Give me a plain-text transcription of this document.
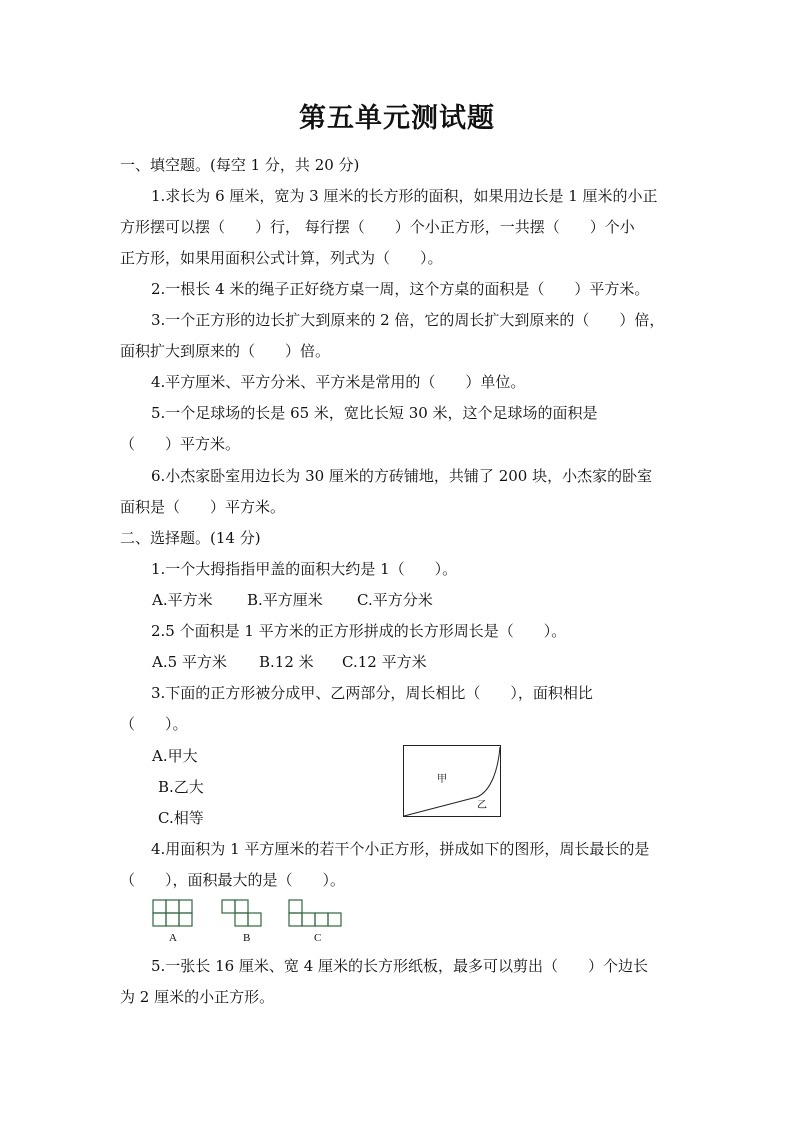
第五单元测试题
一、填空题。(每空 1 分，共 20 分)
1.求长为 6 厘米，宽为 3 厘米的长方形的面积，如果用边长是 1 厘米的小正
方形摆可以摆（　　）行， 每行摆（　　）个小正方形，一共摆（　　）个小
正方形，如果用面积公式计算，列式为（　　）。
2.一根长 4 米的绳子正好绕方桌一周，这个方桌的面积是（　　）平方米。
3.一个正方形的边长扩大到原来的 2 倍，它的周长扩大到原来的（　　）倍，
面积扩大到原来的（　　）倍。
4.平方厘米、平方分米、平方米是常用的（　　）单位。
5.一个足球场的长是 65 米，宽比长短 30 米，这个足球场的面积是
（　　）平方米。
6.小杰家卧室用边长为 30 厘米的方砖铺地，共铺了 200 块，小杰家的卧室
面积是（　　）平方米。
二、选择题。(14 分)
1.一个大拇指指甲盖的面积大约是 1（　　）。
A.平方米 B.平方厘米 C.平方分米
2.5 个面积是 1 平方米的正方形拼成的长方形周长是（　　）。
A.5 平方米 B.12 米 C.12 平方米
3.下面的正方形被分成甲、乙两部分，周长相比（　　），面积相比
（　　）。
A.甲大
B.乙大
C.相等
甲
乙
4.用面积为 1 平方厘米的若干个小正方形，拼成如下的图形，周长最长的是
（　　），面积最大的是（　　）。
A	B	C
5.一张长 16 厘米、宽 4 厘米的长方形纸板，最多可以剪出（　　）个边长
为 2 厘米的小正方形。
